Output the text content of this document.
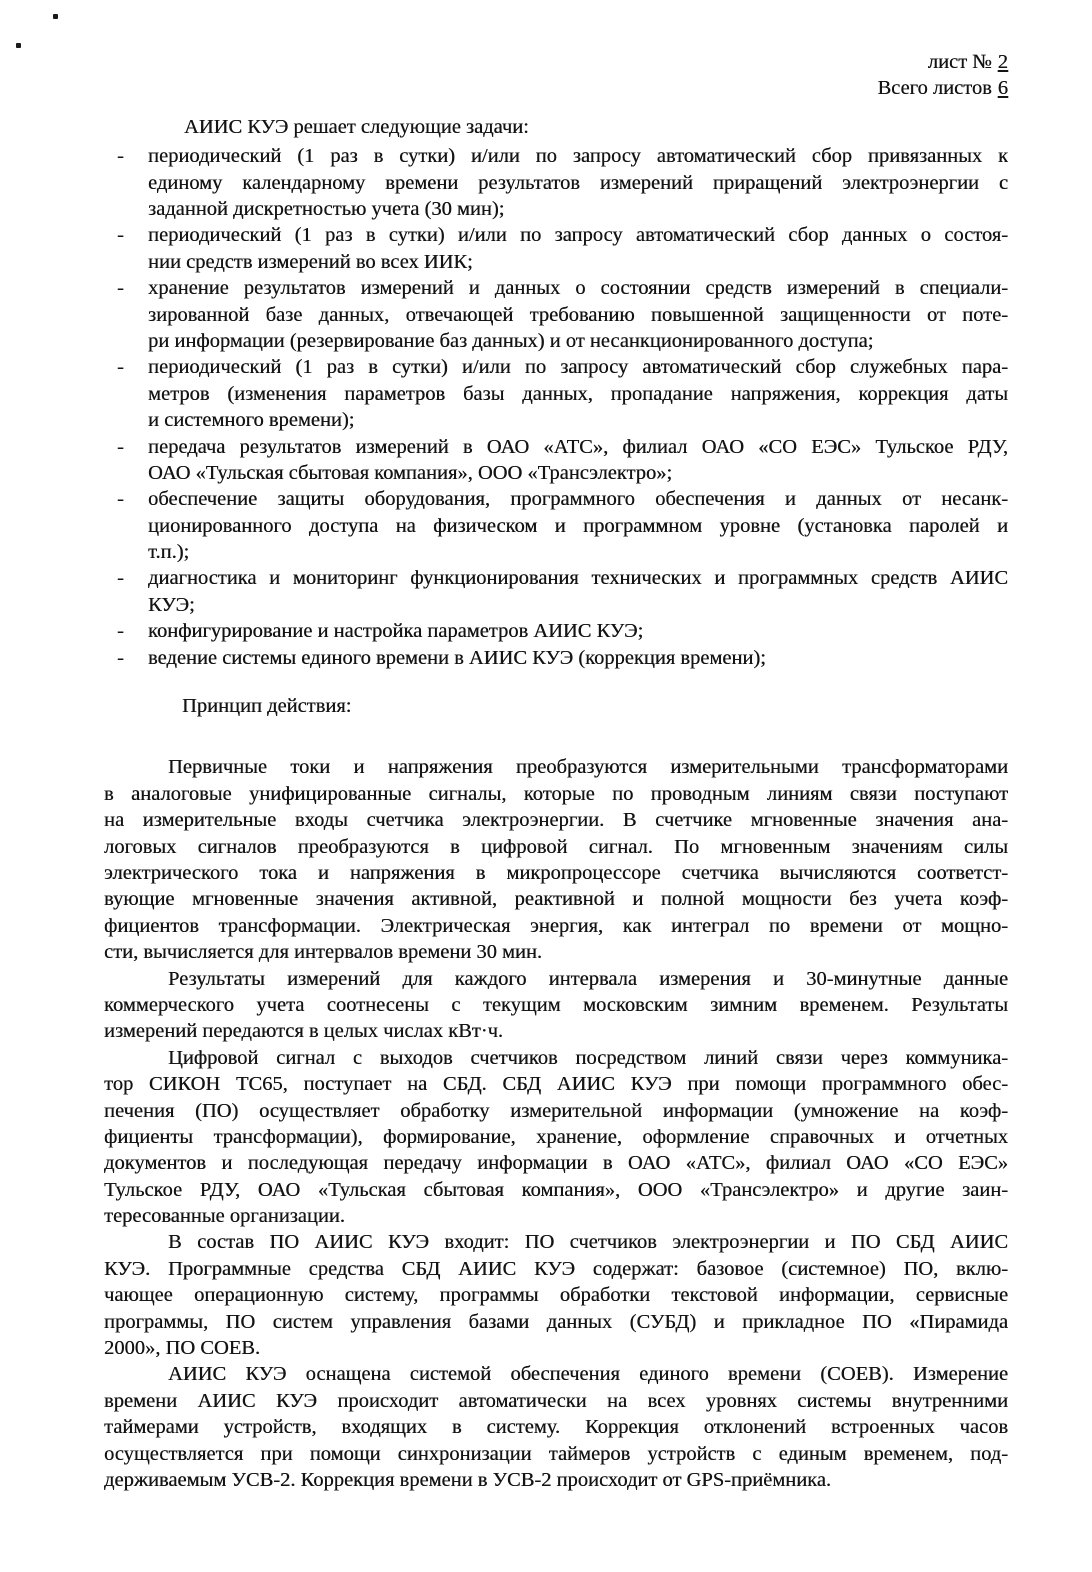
лист № 2
Всего листов 6
АИИС КУЭ решает следующие задачи:
- периодический (1 раз в сутки) и/или по запросу автоматический сбор привязанных к
единому календарному времени результатов измерений приращений электроэнергии с
заданной дискретностью учета (30 мин);
- периодический (1 раз в сутки) и/или по запросу автоматический сбор данных о состоя-
нии средств измерений во всех ИИК;
- хранение результатов измерений и данных о состоянии средств измерений в специали-
зированной базе данных, отвечающей требованию повышенной защищенности от поте-
ри информации (резервирование баз данных) и от несанкционированного доступа;
- периодический (1 раз в сутки) и/или по запросу автоматический сбор служебных пара-
метров (изменения параметров базы данных, пропадание напряжения, коррекция даты
и системного времени);
- передача результатов измерений в ОАО «АТС», филиал ОАО «СО ЕЭС» Тульское РДУ,
ОАО «Тульская сбытовая компания», ООО «Трансэлектро»;
- обеспечение защиты оборудования, программного обеспечения и данных от несанк-
ционированного доступа на физическом и программном уровне (установка паролей и
т.п.);
- диагностика и мониторинг функционирования технических и программных средств АИИС
КУЭ;
- конфигурирование и настройка параметров АИИС КУЭ;
- ведение системы единого времени в АИИС КУЭ (коррекция времени);
Принцип действия:
Первичные токи и напряжения преобразуются измерительными трансформаторами
в аналоговые унифицированные сигналы, которые по проводным линиям связи поступают
на измерительные входы счетчика электроэнергии. В счетчике мгновенные значения ана-
логовых сигналов преобразуются в цифровой сигнал. По мгновенным значениям силы
электрического тока и напряжения в микропроцессоре счетчика вычисляются соответст-
вующие мгновенные значения активной, реактивной и полной мощности без учета коэф-
фициентов трансформации. Электрическая энергия, как интеграл по времени от мощно-
сти, вычисляется для интервалов времени 30 мин.
Результаты измерений для каждого интервала измерения и 30-минутные данные
коммерческого учета соотнесены с текущим московским зимним временем. Результаты
измерений передаются в целых числах кВт·ч.
Цифровой сигнал с выходов счетчиков посредством линий связи через коммуника-
тор СИКОН ТС65, поступает на СБД. СБД АИИС КУЭ при помощи программного обес-
печения (ПО) осуществляет обработку измерительной информации (умножение на коэф-
фициенты трансформации), формирование, хранение, оформление справочных и отчетных
документов и последующая передачу информации в ОАО «АТС», филиал ОАО «СО ЕЭС»
Тульское РДУ, ОАО «Тульская сбытовая компания», ООО «Трансэлектро» и другие заин-
тересованные организации.
В состав ПО АИИС КУЭ входит: ПО счетчиков электроэнергии и ПО СБД АИИС
КУЭ. Программные средства СБД АИИС КУЭ содержат: базовое (системное) ПО, вклю-
чающее операционную систему, программы обработки текстовой информации, сервисные
программы, ПО систем управления базами данных (СУБД) и прикладное ПО «Пирамида
2000», ПО СОЕВ.
АИИС КУЭ оснащена системой обеспечения единого времени (СОЕВ). Измерение
времени АИИС КУЭ происходит автоматически на всех уровнях системы внутренними
таймерами устройств, входящих в систему. Коррекция отклонений встроенных часов
осуществляется при помощи синхронизации таймеров устройств с единым временем, под-
держиваемым УСВ-2. Коррекция времени в УСВ-2 происходит от GPS-приёмника.
